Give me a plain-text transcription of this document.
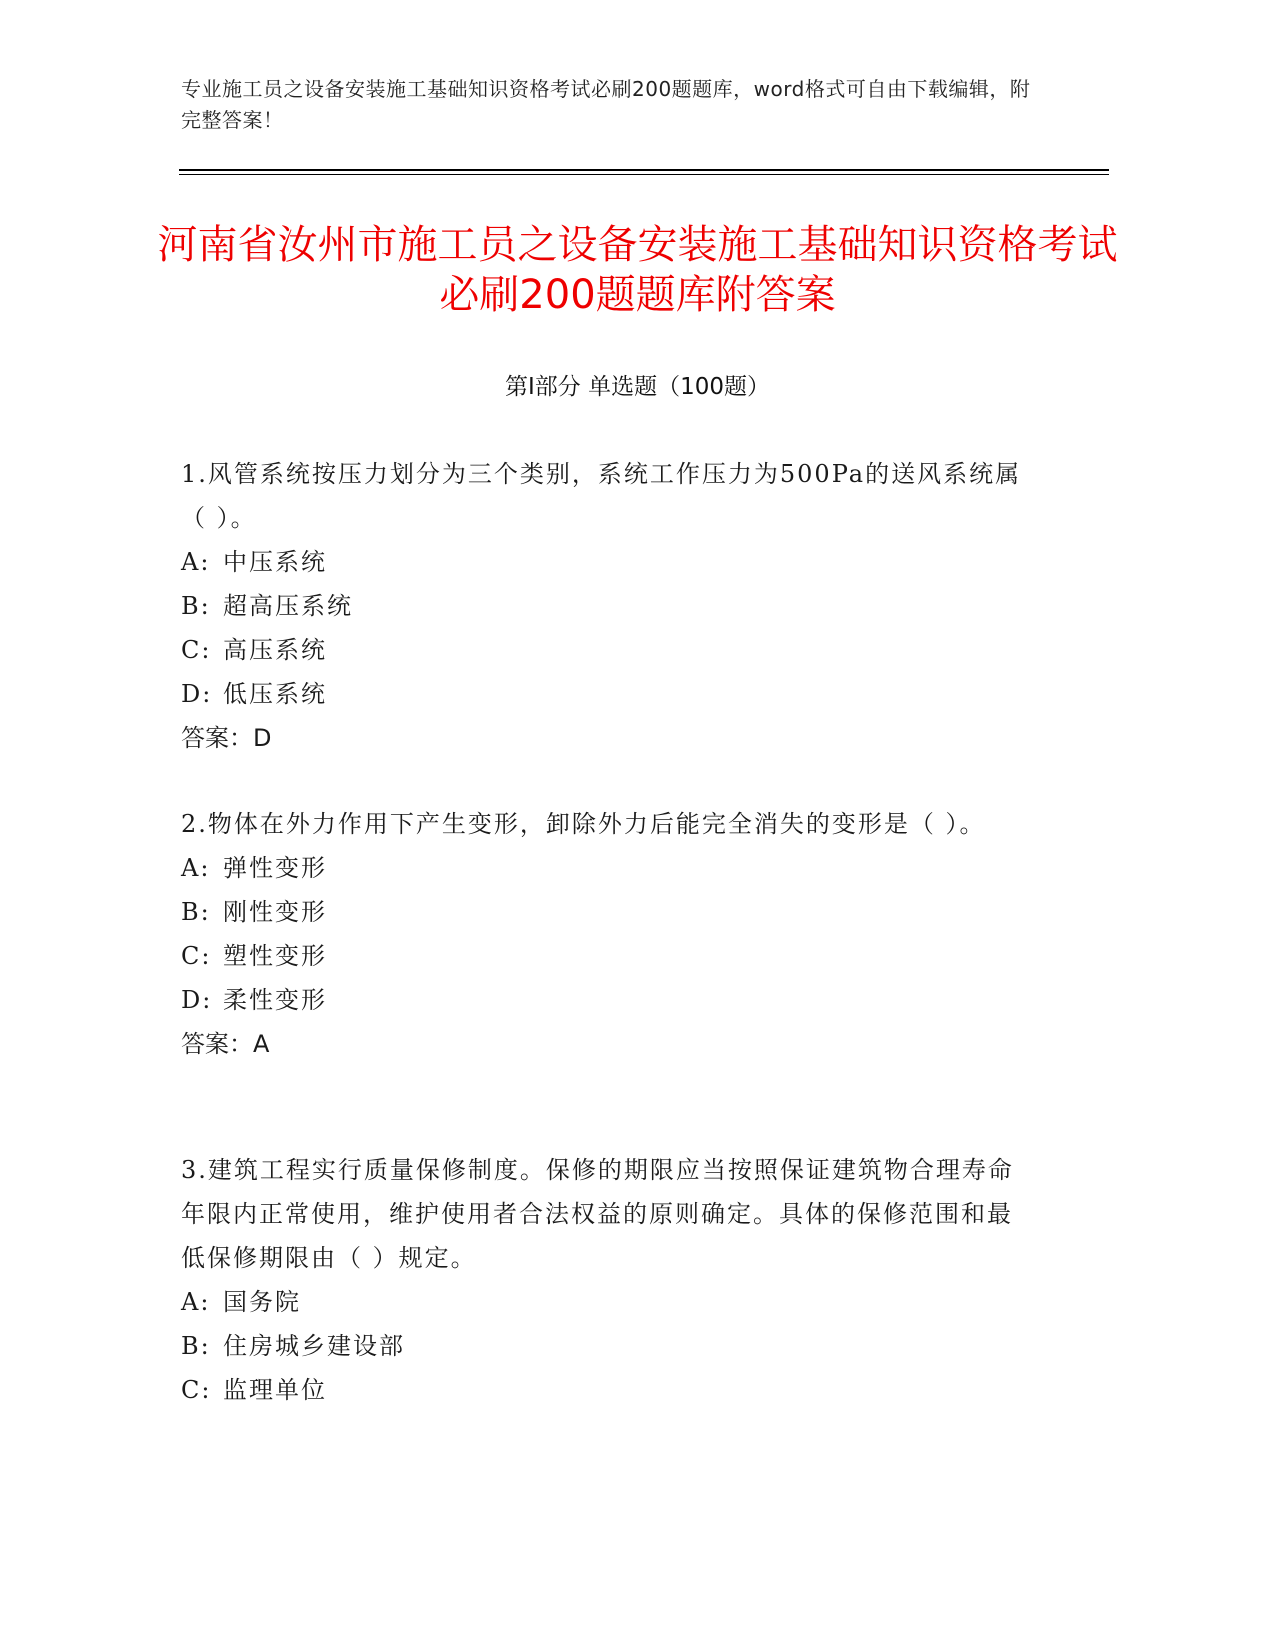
专业施工员之设备安装施工基础知识资格考试必刷200题题库，word格式可自由下载编辑，附完整答案！
河南省汝州市施工员之设备安装施工基础知识资格考试必刷200题题库附答案
第I部分 单选题（100题）

1.风管系统按压力划分为三个类别，系统工作压力为500Pa的送风系统属（ ）。

A: 中压系统

B: 超高压系统

C: 高压系统

D: 低压系统

答案：D

2.物体在外力作用下产生变形，卸除外力后能完全消失的变形是（ ）。

A: 弹性变形

B: 刚性变形

C: 塑性变形

D: 柔性变形

答案：A

3.建筑工程实行质量保修制度。保修的期限应当按照保证建筑物合理寿命年限内正常使用，维护使用者合法权益的原则确定。具体的保修范围和最低保修期限由（ ）规定。

A: 国务院

B: 住房城乡建设部

C: 监理单位
